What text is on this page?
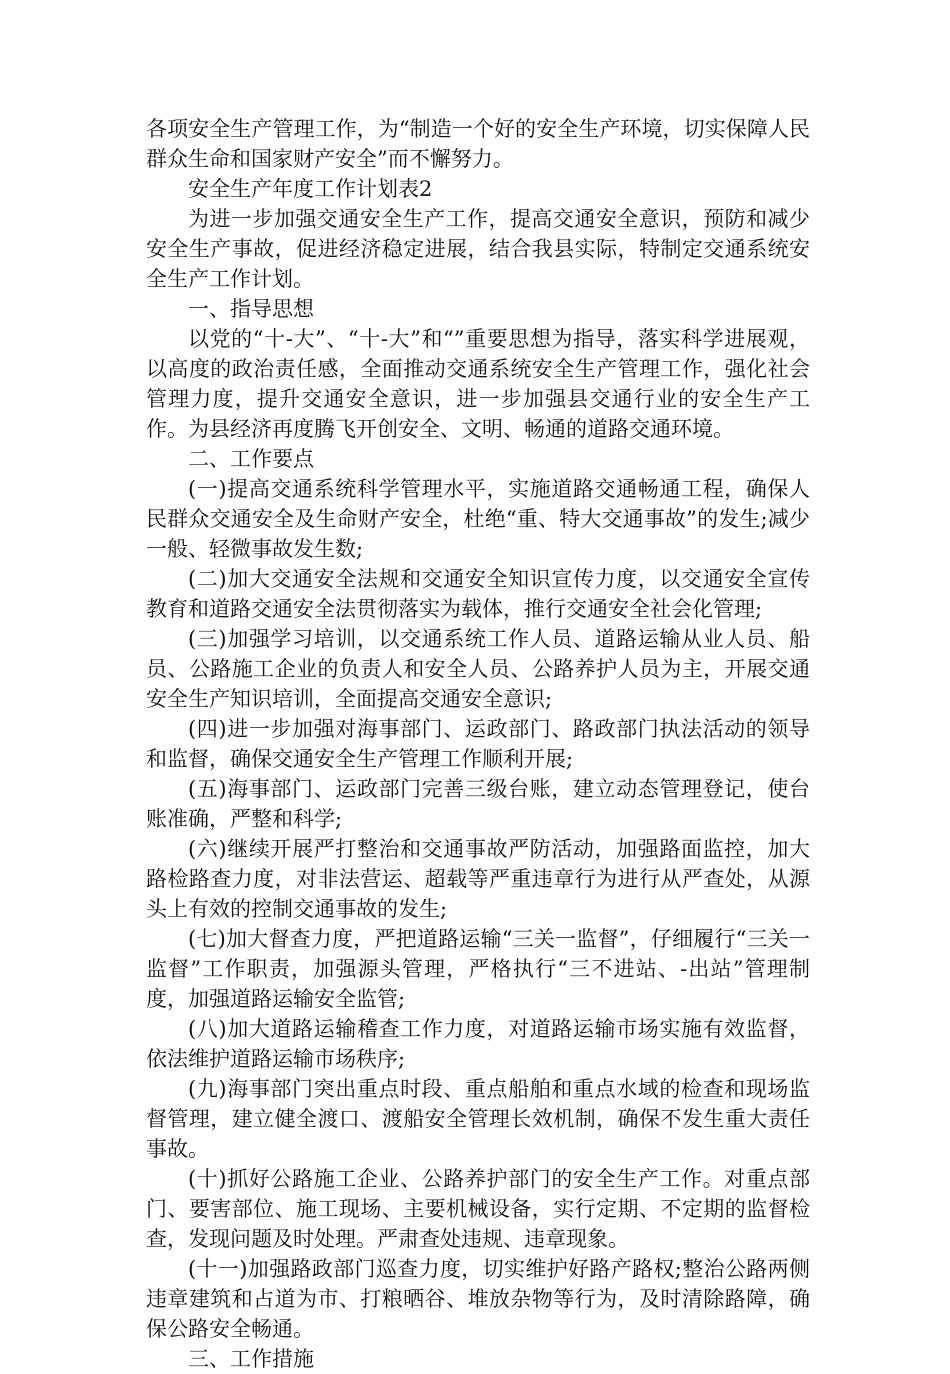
各项安全生产管理工作，为“制造一个好的安全生产环境，切实保障人民群众生命和国家财产安全”而不懈努力。

安全生产年度工作计划表2

为进一步加强交通安全生产工作，提高交通安全意识，预防和减少安全生产事故，促进经济稳定进展，结合我县实际，特制定交通系统安全生产工作计划。

一、指导思想

以党的“十-大”、“十-大”和“”重要思想为指导，落实科学进展观，以高度的政治责任感，全面推动交通系统安全生产管理工作，强化社会管理力度，提升交通安全意识，进一步加强县交通行业的安全生产工作。为县经济再度腾飞开创安全、文明、畅通的道路交通环境。

二、工作要点

(一)提高交通系统科学管理水平，实施道路交通畅通工程，确保人民群众交通安全及生命财产安全，杜绝“重、特大交通事故”的发生;减少一般、轻微事故发生数;

(二)加大交通安全法规和交通安全知识宣传力度，以交通安全宣传教育和道路交通安全法贯彻落实为载体，推行交通安全社会化管理;

(三)加强学习培训，以交通系统工作人员、道路运输从业人员、船员、公路施工企业的负责人和安全人员、公路养护人员为主，开展交通安全生产知识培训，全面提高交通安全意识;

(四)进一步加强对海事部门、运政部门、路政部门执法活动的领导和监督，确保交通安全生产管理工作顺利开展;

(五)海事部门、运政部门完善三级台账，建立动态管理登记，使台账准确，严整和科学;

(六)继续开展严打整治和交通事故严防活动，加强路面监控，加大路检路查力度，对非法营运、超载等严重违章行为进行从严查处，从源头上有效的控制交通事故的发生;

(七)加大督查力度，严把道路运输“三关一监督”，仔细履行“三关一监督”工作职责，加强源头管理，严格执行“三不进站、-出站”管理制度，加强道路运输安全监管;

(八)加大道路运输稽查工作力度，对道路运输市场实施有效监督，依法维护道路运输市场秩序;

(九)海事部门突出重点时段、重点船舶和重点水域的检查和现场监督管理，建立健全渡口、渡船安全管理长效机制，确保不发生重大责任事故。

(十)抓好公路施工企业、公路养护部门的安全生产工作。对重点部门、要害部位、施工现场、主要机械设备，实行定期、不定期的监督检查，发现问题及时处理。严肃查处违规、违章现象。

(十一)加强路政部门巡查力度，切实维护好路产路权;整治公路两侧违章建筑和占道为市、打粮晒谷、堆放杂物等行为，及时清除路障，确保公路安全畅通。

三、工作措施
